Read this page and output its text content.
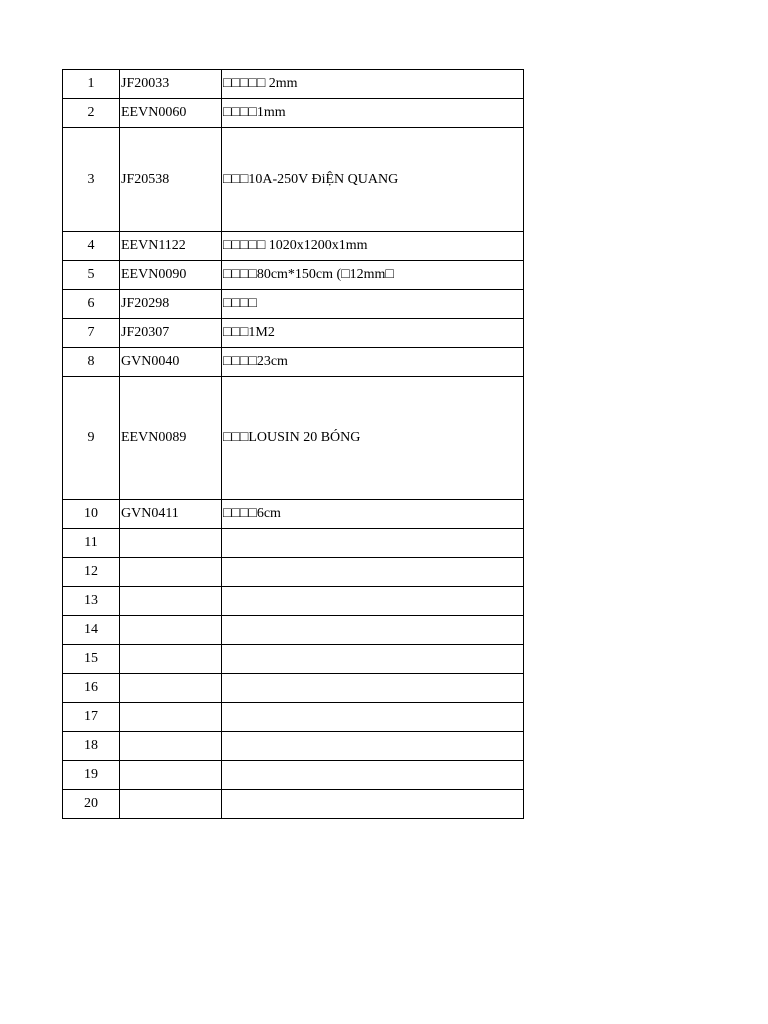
1	JF20033	□□□□□ 2mm
2	EEVN0060	□□□□1mm
3	JF20538	□□□10A-250V ĐiỆN QUANG
4	EEVN1122	□□□□□ 1020x1200x1mm
5	EEVN0090	□□□□80cm*150cm (□12mm□
6	JF20298	□□□□
7	JF20307	□□□1M2
8	GVN0040	□□□□23cm
9	EEVN0089	□□□LOUSIN 20 BÓNG
10	GVN0411	□□□□6cm
11		
12		
13		
14		
15		
16		
17		
18		
19		
20		
